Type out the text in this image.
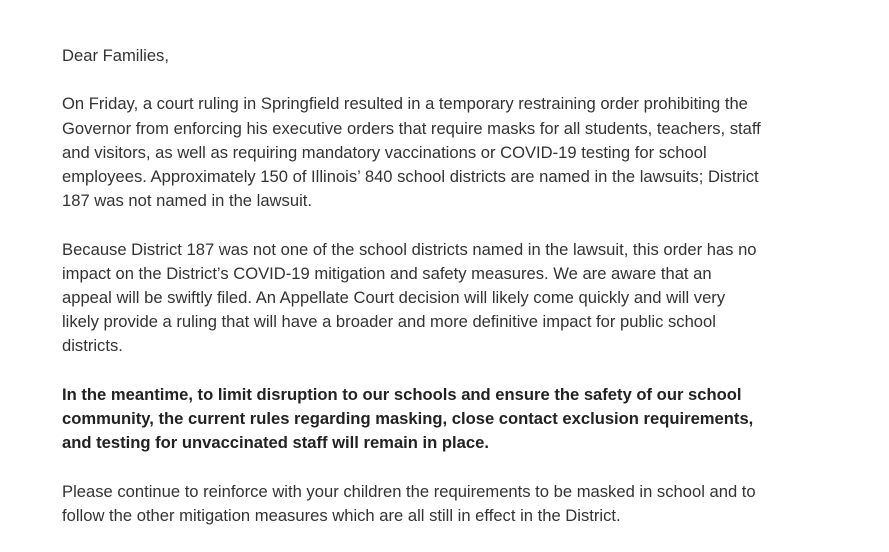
Dear Families,

On Friday, a court ruling in Springfield resulted in a temporary restraining order prohibiting the
Governor from enforcing his executive orders that require masks for all students, teachers, staff
and visitors, as well as requiring mandatory vaccinations or COVID-19 testing for school
employees. Approximately 150 of Illinois’ 840 school districts are named in the lawsuits; District
187 was not named in the lawsuit.

Because District 187 was not one of the school districts named in the lawsuit, this order has no
impact on the District’s COVID-19 mitigation and safety measures. We are aware that an
appeal will be swiftly filed. An Appellate Court decision will likely come quickly and will very
likely provide a ruling that will have a broader and more definitive impact for public school
districts.

In the meantime, to limit disruption to our schools and ensure the safety of our school
community, the current rules regarding masking, close contact exclusion requirements,
and testing for unvaccinated staff will remain in place.

Please continue to reinforce with your children the requirements to be masked in school and to
follow the other mitigation measures which are all still in effect in the District.
